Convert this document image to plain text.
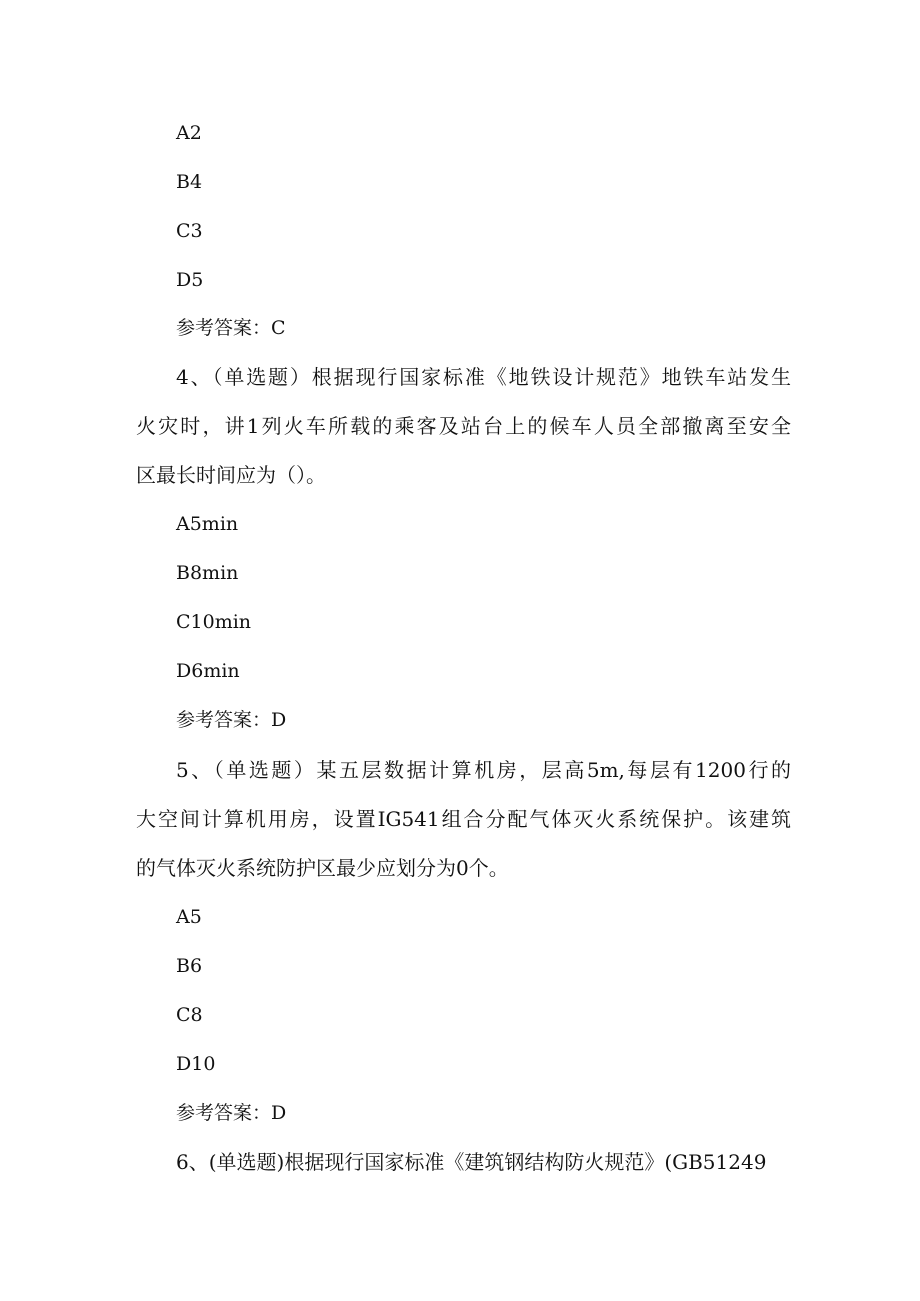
A2
B4
C3
D5
参考答案：C
4、（单选题）根据现行国家标准《地铁设计规范》地铁车站发生
火灾时，讲1列火车所载的乘客及站台上的候车人员全部撤离至安全
区最长时间应为（）。
A5min
B8min
C10min
D6min
参考答案：D
5、（单选题）某五层数据计算机房，层高5m,每层有1200行的
大空间计算机用房，设置IG541组合分配气体灭火系统保护。该建筑
的气体灭火系统防护区最少应划分为0个。
A5
B6
C8
D10
参考答案：D
6、(单选题)根据现行国家标准《建筑钢结构防火规范》(GB51249
